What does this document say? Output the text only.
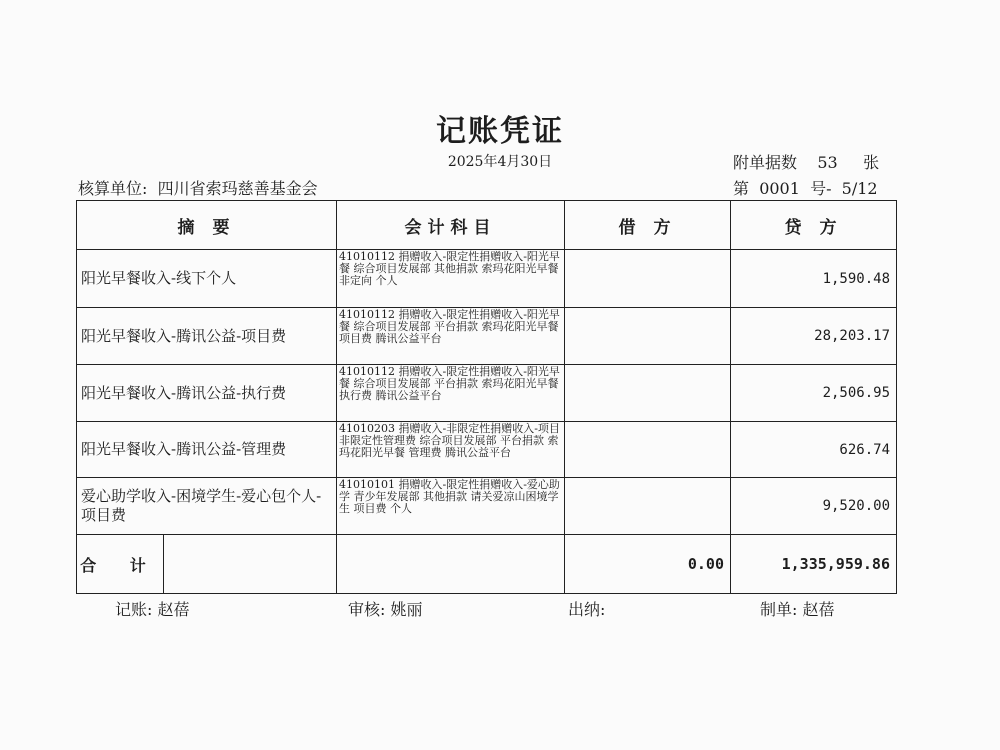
记账凭证
2025年4月30日	附单据数 53 张
核算单位: 四川省索玛慈善基金会	第 0001 号- 5/12
摘 要	会计科目	借 方	贷 方
阳光早餐收入-线下个人	41010112 捐赠收入-限定性捐赠收入-阳光早餐 综合项目发展部 其他捐款 索玛花阳光早餐 非定向 个人		1,590.48
阳光早餐收入-腾讯公益-项目费	41010112 捐赠收入-限定性捐赠收入-阳光早餐 综合项目发展部 平台捐款 索玛花阳光早餐 项目费 腾讯公益平台		28,203.17
阳光早餐收入-腾讯公益-执行费	41010112 捐赠收入-限定性捐赠收入-阳光早餐 综合项目发展部 平台捐款 索玛花阳光早餐 执行费 腾讯公益平台		2,506.95
阳光早餐收入-腾讯公益-管理费	41010203 捐赠收入-非限定性捐赠收入-项目非限定性管理费 综合项目发展部 平台捐款 索玛花阳光早餐 管理费 腾讯公益平台		626.74
爱心助学收入-困境学生-爱心包个人-项目费	41010101 捐赠收入-限定性捐赠收入-爱心助学 青少年发展部 其他捐款 请关爱凉山困境学生 项目费 个人		9,520.00

合 计		0.00	1,335,959.86
记账: 赵蓓	审核: 姚丽	出纳:	制单: 赵蓓
